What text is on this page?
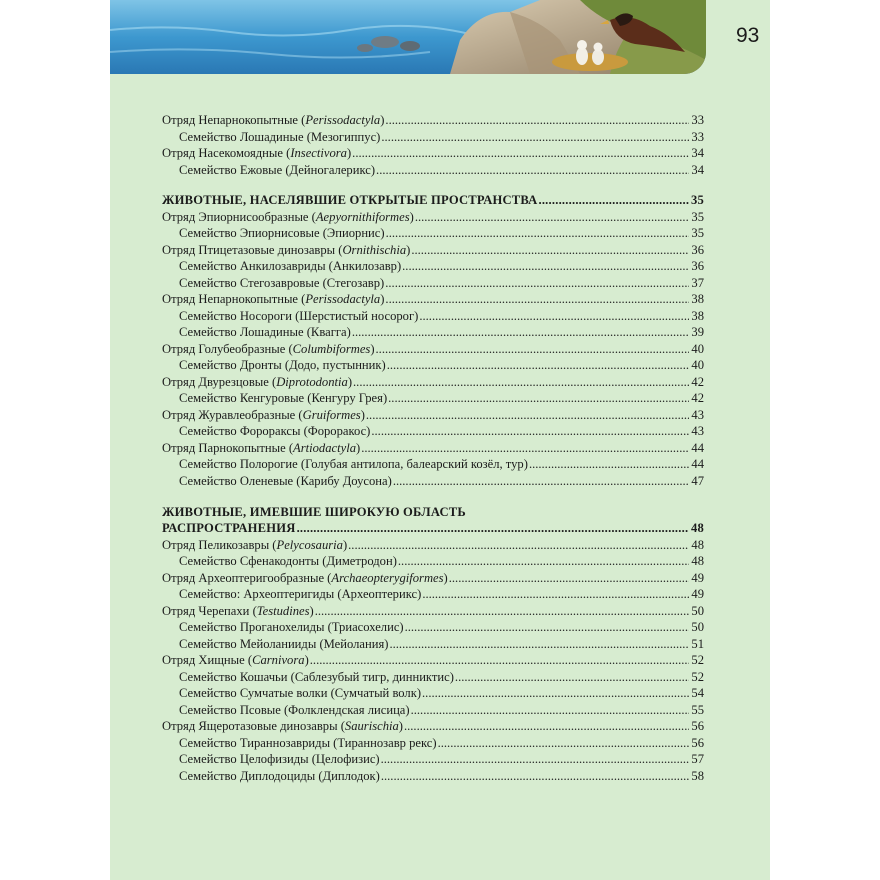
93
Отряд Непарнокопытные (Perissodactyla) .....	33
Семейство Лошадиные (Мезогиппус) .....	33
Отряд Насекомоядные (Insectivora) .....	34
Семейство Ежовые (Дейногалерикс) .....	34
ЖИВОТНЫЕ, НАСЕЛЯВШИЕ ОТКРЫТЫЕ ПРОСТРАНСТВА .....	35
Отряд Эпиорнисообразные (Aepyornithiformes) .....	35
Семейство Эпиорнисовые (Эпиорнис) .....	35
Отряд Птицетазовые динозавры (Ornithischia) .....	36
Семейство Анкилозавриды (Анкилозавр) .....	36
Семейство Стегозавровые (Стегозавр) .....	37
Отряд Непарнокопытные (Perissodactyla) .....	38
Семейство Носороги (Шерстистый носорог) .....	38
Семейство Лошадиные (Квагга) .....	39
Отряд Голубеобразные (Columbiformes) .....	40
Семейство Дронты (Додо, пустынник) .....	40
Отряд Двурезцовые (Diprotodontia) .....	42
Семейство Кенгуровые (Кенгуру Грея) .....	42
Отряд Журавлеобразные (Gruiformes) .....	43
Семейство Форораксы (Фороракос) .....	43
Отряд Парнокопытные (Artiodactyla) .....	44
Семейство Полорогие (Голубая антилопа, балеарский козёл, тур) .....	44
Семейство Оленевые (Карибу Доусона) .....	47
ЖИВОТНЫЕ, ИМЕВШИЕ ШИРОКУЮ ОБЛАСТЬ
РАСПРОСТРАНЕНИЯ .....	48
Отряд Пеликозавры (Pelycosauria) .....	48
Семейство Сфенакодонты (Диметродон) .....	48
Отряд Археоптеригообразные (Archaeopterygiformes) .....	49
Семейство: Археоптеригиды (Археоптерикс) .....	49
Отряд Черепахи (Testudines) .....	50
Семейство Проганохелиды (Триасохелис) .....	50
Семейство Мейоланииды (Мейолания) .....	51
Отряд Хищные (Carnivora) .....	52
Семейство Кошачьи (Саблезубый тигр, динниктис) .....	52
Семейство Сумчатые волки (Сумчатый волк) .....	54
Семейство Псовые (Фолклендская лисица) .....	55
Отряд Ящеротазовые динозавры (Saurischia) .....	56
Семейство Тираннозавриды (Тираннозавр рекс) .....	56
Семейство Целофизиды (Целофизис) .....	57
Семейство Диплодоциды (Диплодок) .....	58
